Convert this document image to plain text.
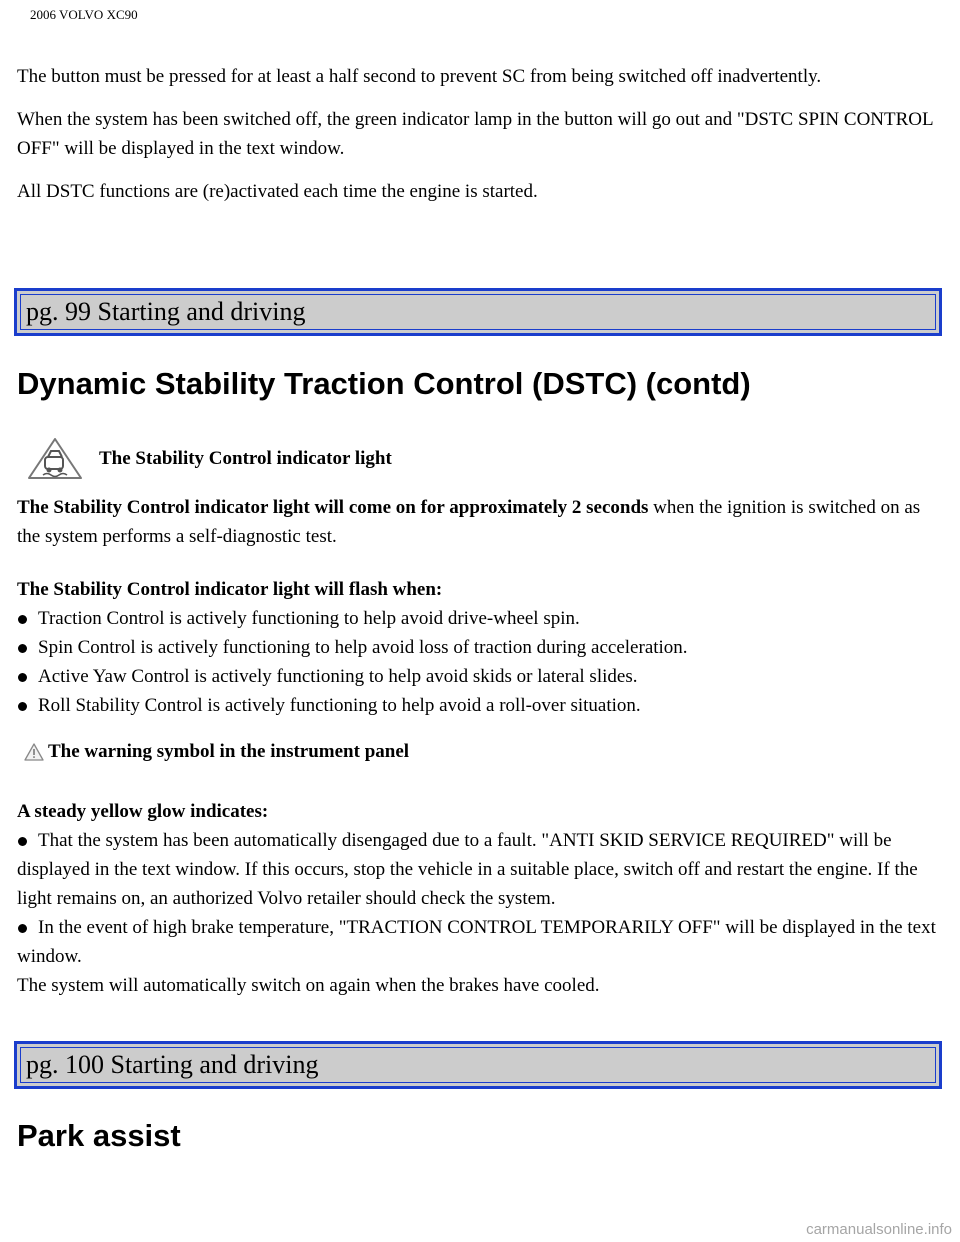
2006 VOLVO XC90

The button must be pressed for at least a half second to prevent SC from being switched off inadvertently.

When the system has been switched off, the green indicator lamp in the button will go out and "DSTC SPIN CONTROL OFF" will be displayed in the text window.

All DSTC functions are (re)activated each time the engine is started.

pg. 99 Starting and driving
Dynamic Stability Traction Control (DSTC) (contd)
The Stability Control indicator light

The Stability Control indicator light will come on for approximately 2 seconds when the ignition is switched on as the system performs a self-diagnostic test.

The Stability Control indicator light will flash when:

Traction Control is actively functioning to help avoid drive-wheel spin.

Spin Control is actively functioning to help avoid loss of traction during acceleration.

Active Yaw Control is actively functioning to help avoid skids or lateral slides.

Roll Stability Control is actively functioning to help avoid a roll-over situation.

The warning symbol in the instrument panel

A steady yellow glow indicates:

That the system has been automatically disengaged due to a fault. "ANTI SKID SERVICE REQUIRED" will be displayed in the text window. If this occurs, stop the vehicle in a suitable place, switch off and restart the engine. If the light remains on, an authorized Volvo retailer should check the system.

In the event of high brake temperature, "TRACTION CONTROL TEMPORARILY OFF" will be displayed in the text window.

The system will automatically switch on again when the brakes have cooled.

pg. 100 Starting and driving
Park assist
carmanualsonline.info
